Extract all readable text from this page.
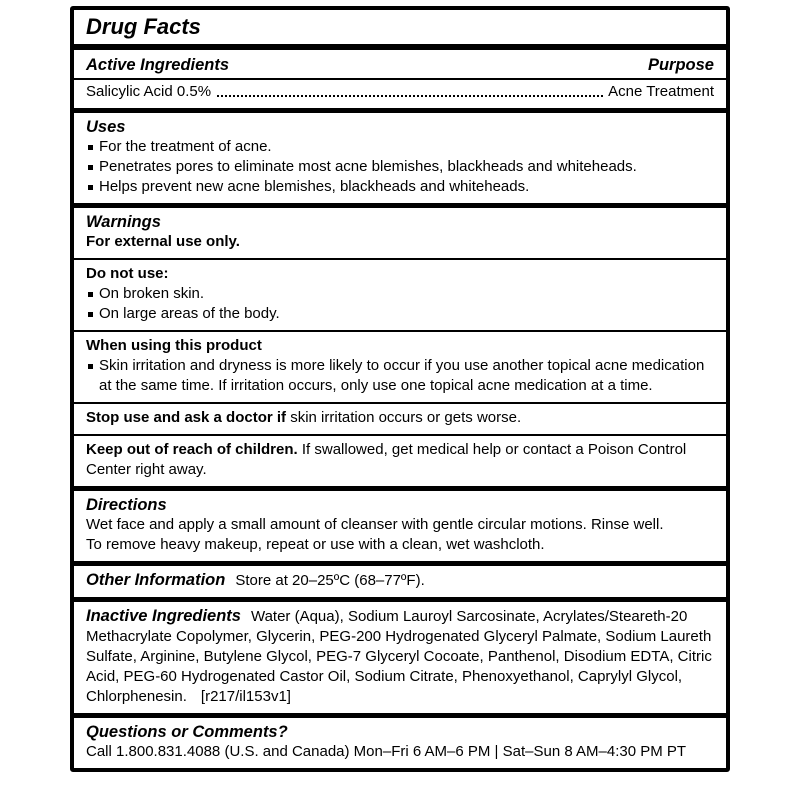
Drug Facts
Active Ingredients	Purpose
Salicylic Acid 0.5%	Acne Treatment
Uses
For the treatment of acne.
Penetrates pores to eliminate most acne blemishes, blackheads and whiteheads.
Helps prevent new acne blemishes, blackheads and whiteheads.
Warnings
For external use only.
Do not use:
On broken skin.
On large areas of the body.
When using this product
Skin irritation and dryness is more likely to occur if you use another topical acne medication at the same time. If irritation occurs, only use one topical acne medication at a time.

Stop use and ask a doctor if skin irritation occurs or gets worse.

Keep out of reach of children. If swallowed, get medical help or contact a Poison Control Center right away.

Directions
Wet face and apply a small amount of cleanser with gentle circular motions. Rinse well.
To remove heavy makeup, repeat or use with a clean, wet washcloth.

Other Information Store at 20–25ºC (68–77ºF).

Inactive Ingredients Water (Aqua), Sodium Lauroyl Sarcosinate, Acrylates/Steareth-20 Methacrylate Copolymer, Glycerin, PEG-200 Hydrogenated Glyceryl Palmate, Sodium Laureth Sulfate, Arginine, Butylene Glycol, PEG-7 Glyceryl Cocoate, Panthenol, Disodium EDTA, Citric Acid, PEG-60 Hydrogenated Castor Oil, Sodium Citrate, Phenoxyethanol, Caprylyl Glycol, Chlorphenesin. [r217/il153v1]

Questions or Comments?
Call 1.800.831.4088 (U.S. and Canada) Mon–Fri 6 AM–6 PM | Sat–Sun 8 AM–4:30 PM PT
